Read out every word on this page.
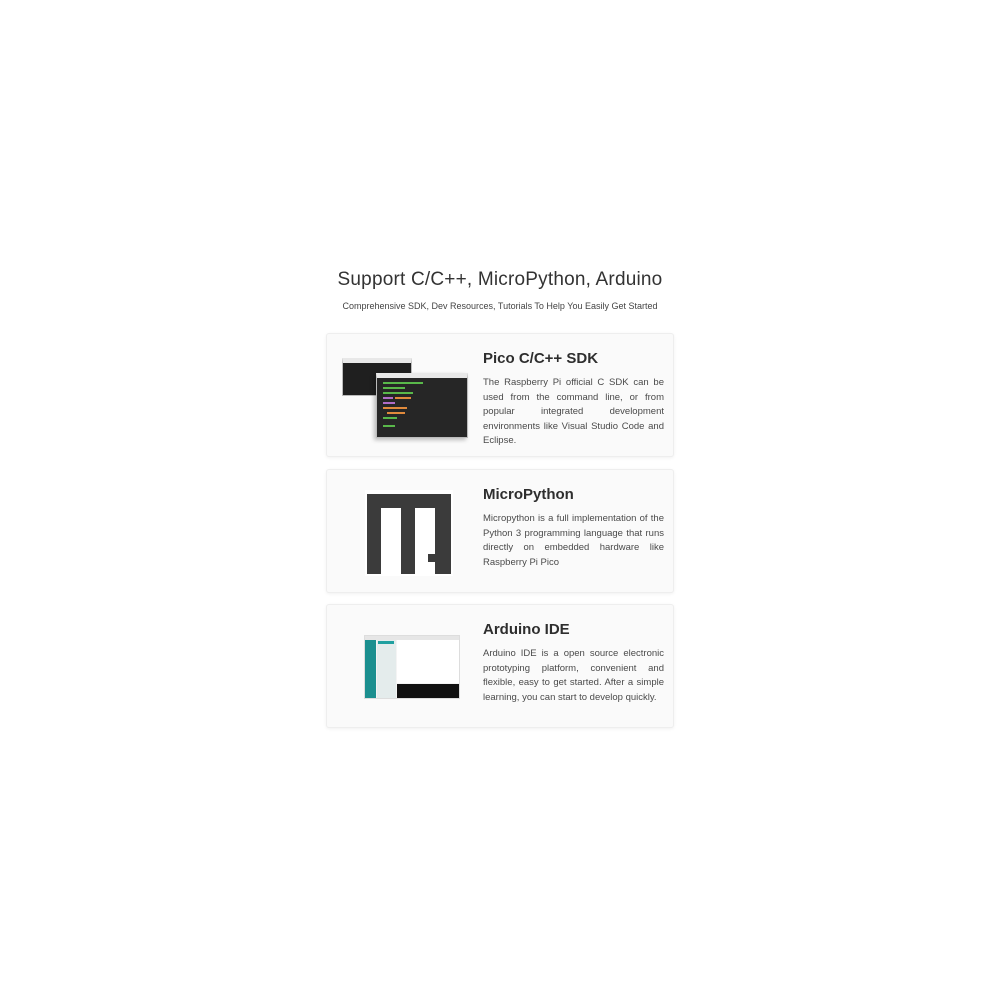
Support C/C++, MicroPython, Arduino
Comprehensive SDK, Dev Resources, Tutorials To Help You Easily Get Started
Pico C/C++ SDK
The Raspberry Pi official C SDK can be used from the command line, or from popular integrated development environments like Visual Studio Code and Eclipse.
MicroPython
Micropython is a full implementation of the Python 3 programming language that runs directly on embedded hardware like Raspberry Pi Pico
Arduino IDE
Arduino IDE is a open source electronic prototyping platform, convenient and flexible, easy to get started. After a simple learning, you can start to develop quickly.
